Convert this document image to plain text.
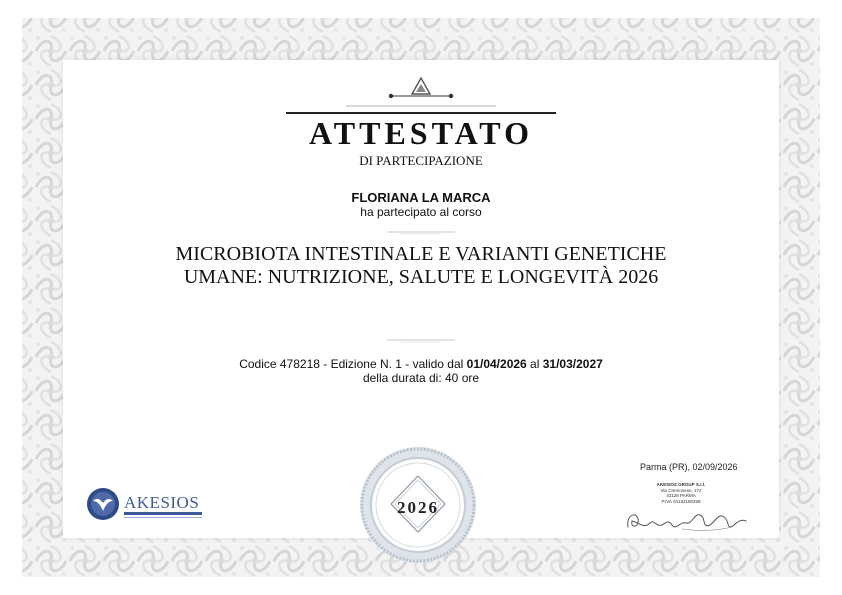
ATTESTATO
DI PARTECIPAZIONE
FLORIANA LA MARCA
ha partecipato al corso
MICROBIOTA INTESTINALE E VARIANTI GENETICHE
UMANE: NUTRIZIONE, SALUTE E LONGEVITÀ 2026
Codice 478218 - Edizione N. 1 - valido dal 01/04/2026 al 31/03/2027
della durata di: 40 ore
2026
AKESIOS
Parma (PR), 02/09/2026
AKESIOS GROUP S.r.l.
Via Cremonese, 172
43126 PARMA
P.IVA 04132180268
